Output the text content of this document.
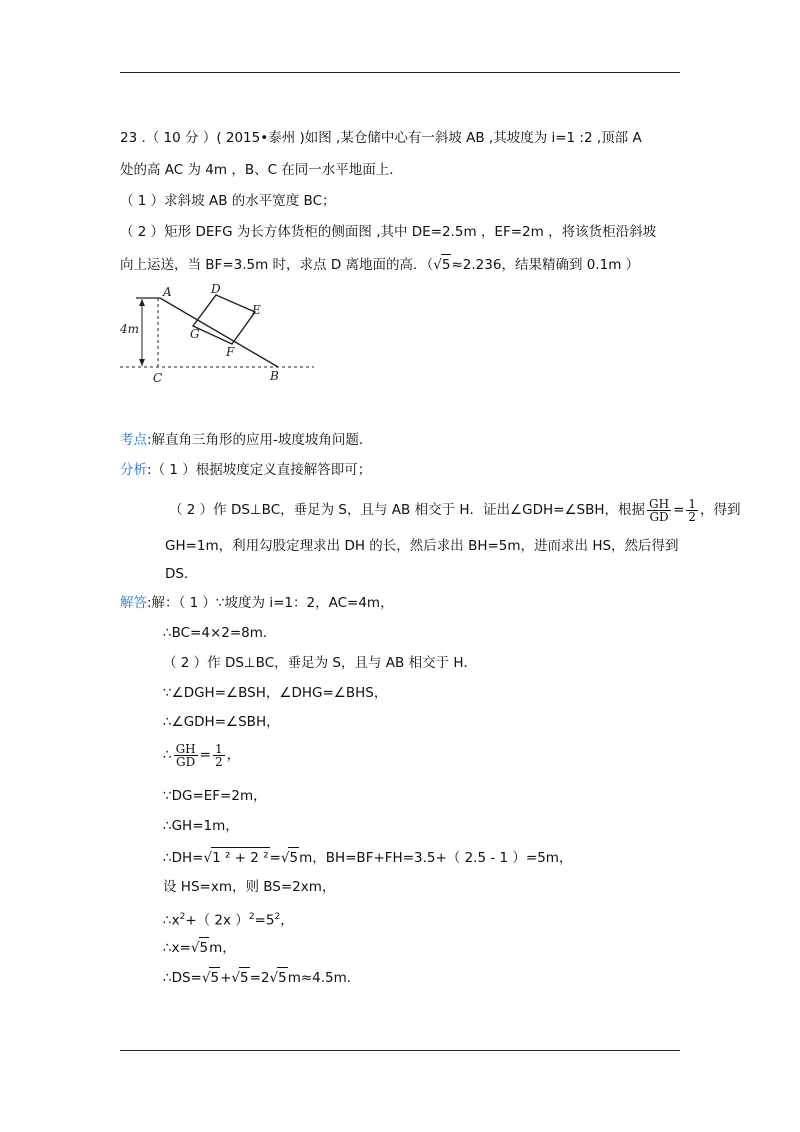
23 .（ 10 分 ）( 2015•泰州 )如图 ,某仓储中心有一斜坡 AB ,其坡度为 i=1 :2 ,顶部 A
处的高 AC 为 4m ，B、C 在同一水平地面上．
（ 1 ）求斜坡 AB 的水平宽度 BC；
（ 2 ）矩形 DEFG 为长方体货柜的侧面图 ,其中 DE=2.5m ，EF=2m ，将该货柜沿斜坡
向上运送，当 BF=3.5m 时，求点 D 离地面的高．（√5≈2.236，结果精确到 0.1m ）
A
B
C
D
E
F
G
4m
考点:解直角三角形的应用-坡度坡角问题．
分析:（ 1 ）根据坡度定义直接解答即可；
（ 2 ）作 DS⊥BC，垂足为 S，且与 AB 相交于 H．证出∠GDH=∠SBH，根据 $\frac{GH}{GD} = \frac{1}{2}$ ，得到
GH=1m，利用勾股定理求出 DH 的长，然后求出 BH=5m，进而求出 HS，然后得到
DS．
解答:解：（ 1 ）∵坡度为 i=1：2，AC=4m，
∴BC=4×2=8m．
（ 2 ）作 DS⊥BC，垂足为 S，且与 AB 相交于 H．
∵∠DGH=∠BSH，∠DHG=∠BHS，
∴∠GDH=∠SBH，
∴ $\frac{GH}{GD} = \frac{1}{2}$ ，
∵DG=EF=2m，
∴GH=1m，
∴DH=√1 ² + 2 ²=√5m，BH=BF+FH=3.5+（ 2.5 ‑ 1 ）=5m，
设 HS=xm，则 BS=2xm，
$\therefore x^2+$（ 2x ）$^2=5^2$，
∴x=√5m，
∴DS=√5+√5=2√5m≈4.5m．
